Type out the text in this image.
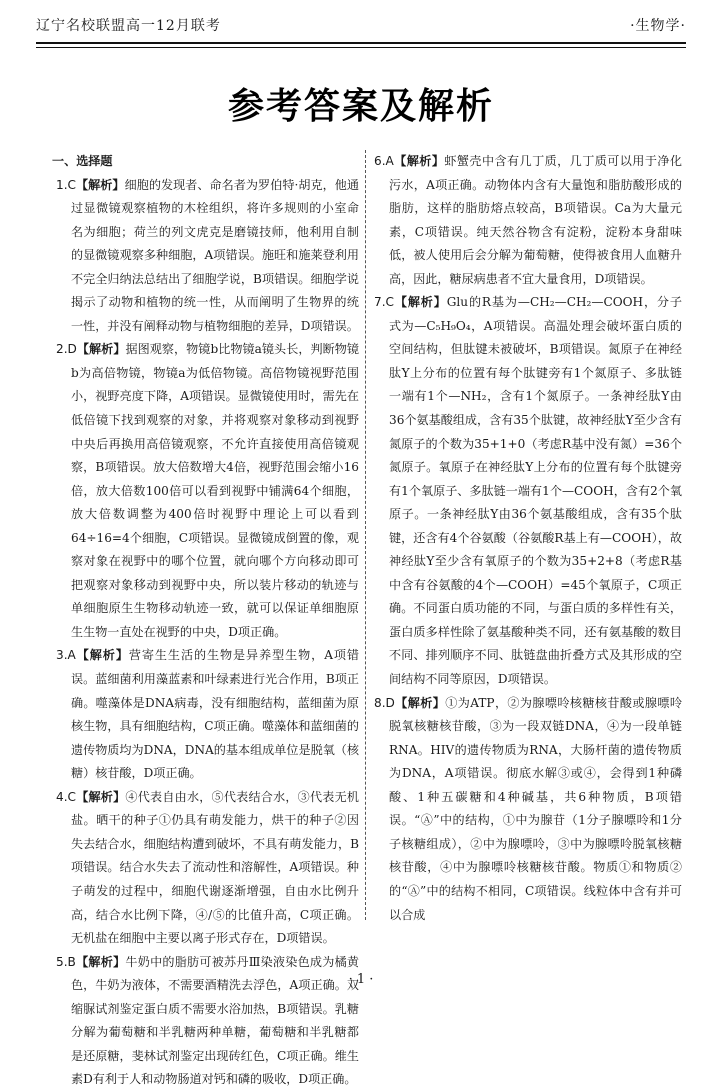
辽宁名校联盟高一12月联考	·生物学·
参考答案及解析
一、选择题

1.C【解析】细胞的发现者、命名者为罗伯特·胡克，他通过显微镜观察植物的木栓组织，将许多规则的小室命名为细胞；荷兰的列文虎克是磨镜技师，他利用自制的显微镜观察多种细胞，A项错误。施旺和施莱登利用不完全归纳法总结出了细胞学说，B项错误。细胞学说揭示了动物和植物的统一性，从而阐明了生物界的统一性，并没有阐释动物与植物细胞的差异，D项错误。

2.D【解析】据图观察，物镜b比物镜a镜头长，判断物镜b为高倍物镜，物镜a为低倍物镜。高倍物镜视野范围小，视野亮度下降，A项错误。显微镜使用时，需先在低倍镜下找到观察的对象，并将观察对象移动到视野中央后再换用高倍镜观察，不允许直接使用高倍镜观察，B项错误。放大倍数增大4倍，视野范围会缩小16倍，放大倍数100倍可以看到视野中铺满64个细胞，放大倍数调整为400倍时视野中理论上可以看到64÷16=4个细胞，C项错误。显微镜成倒置的像，观察对象在视野中的哪个位置，就向哪个方向移动即可把观察对象移动到视野中央，所以装片移动的轨迹与单细胞原生生物移动轨迹一致，就可以保证单细胞原生生物一直处在视野的中央，D项正确。

3.A【解析】营寄生生活的生物是异养型生物，A项错误。蓝细菌利用藻蓝素和叶绿素进行光合作用，B项正确。噬藻体是DNA病毒，没有细胞结构，蓝细菌为原核生物，具有细胞结构，C项正确。噬藻体和蓝细菌的遗传物质均为DNA，DNA的基本组成单位是脱氧（核糖）核苷酸，D项正确。

4.C【解析】④代表自由水，⑤代表结合水，③代表无机盐。晒干的种子①仍具有萌发能力，烘干的种子②因失去结合水，细胞结构遭到破坏，不具有萌发能力，B项错误。结合水失去了流动性和溶解性，A项错误。种子萌发的过程中，细胞代谢逐渐增强，自由水比例升高，结合水比例下降，④/⑤的比值升高，C项正确。无机盐在细胞中主要以离子形式存在，D项错误。

5.B【解析】牛奶中的脂肪可被苏丹Ⅲ染液染色成为橘黄色，牛奶为液体，不需要酒精洗去浮色，A项正确。双缩脲试剂鉴定蛋白质不需要水浴加热，B项错误。乳糖分解为葡萄糖和半乳糖两种单糖，葡萄糖和半乳糖都是还原糖，斐林试剂鉴定出现砖红色，C项正确。维生素D有利于人和动物肠道对钙和磷的吸收，D项正确。

6.A【解析】虾蟹壳中含有几丁质，几丁质可以用于净化污水，A项正确。动物体内含有大量饱和脂肪酸形成的脂肪，这样的脂肪熔点较高，B项错误。Ca为大量元素，C项错误。纯天然谷物含有淀粉，淀粉本身甜味低，被人使用后会分解为葡萄糖，使得被食用人血糖升高，因此，糖尿病患者不宜大量食用，D项错误。

7.C【解析】Glu的R基为—CH₂—CH₂—COOH，分子式为—C₅H₉O₄，A项错误。高温处理会破坏蛋白质的空间结构，但肽键未被破坏，B项错误。氮原子在神经肽Y上分布的位置有每个肽键旁有1个氮原子、多肽链一端有1个—NH₂，含有1个氮原子。一条神经肽Y由36个氨基酸组成，含有35个肽键，故神经肽Y至少含有氮原子的个数为35+1+0（考虑R基中没有氮）=36个氮原子。氧原子在神经肽Y上分布的位置有每个肽键旁有1个氧原子、多肽链一端有1个—COOH，含有2个氧原子。一条神经肽Y由36个氨基酸组成，含有35个肽键，还含有4个谷氨酸（谷氨酸R基上有—COOH），故神经肽Y至少含有氧原子的个数为35+2+8（考虑R基中含有谷氨酸的4个—COOH）=45个氧原子，C项正确。不同蛋白质功能的不同，与蛋白质的多样性有关，蛋白质多样性除了氨基酸种类不同，还有氨基酸的数目不同、排列顺序不同、肽链盘曲折叠方式及其形成的空间结构不同等原因，D项错误。

8.D【解析】①为ATP，②为腺嘌呤核糖核苷酸或腺嘌呤脱氧核糖核苷酸，③为一段双链DNA，④为一段单链RNA。HIV的遗传物质为RNA，大肠杆菌的遗传物质为DNA，A项错误。彻底水解③或④，会得到1种磷酸、1种五碳糖和4种碱基，共6种物质，B项错误。“Ⓐ”中的结构，①中为腺苷（1分子腺嘌呤和1分子核糖组成），②中为腺嘌呤，③中为腺嘌呤脱氧核糖核苷酸，④中为腺嘌呤核糖核苷酸。物质①和物质②的“Ⓐ”中的结构不相同，C项错误。线粒体中含有并可以合成

· 1 ·
